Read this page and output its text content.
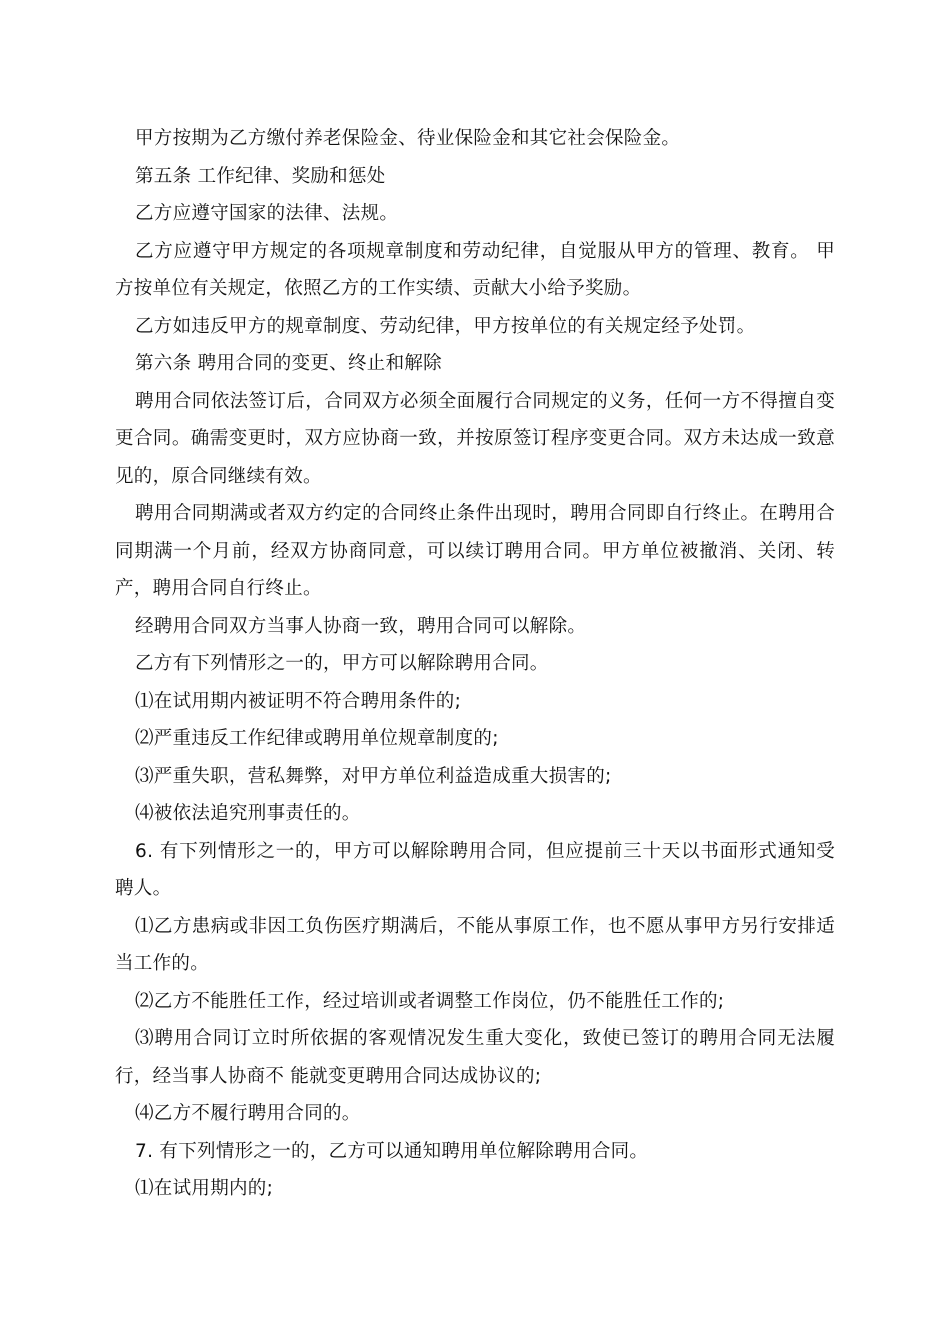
甲方按期为乙方缴付养老保险金、待业保险金和其它社会保险金。

第五条 工作纪律、奖励和惩处

乙方应遵守国家的法律、法规。

乙方应遵守甲方规定的各项规章制度和劳动纪律，自觉服从甲方的管理、教育。 甲方按单位有关规定，依照乙方的工作实绩、贡献大小给予奖励。

乙方如违反甲方的规章制度、劳动纪律，甲方按单位的有关规定经予处罚。

第六条 聘用合同的变更、终止和解除

聘用合同依法签订后，合同双方必须全面履行合同规定的义务，任何一方不得擅自变更合同。确需变更时，双方应协商一致，并按原签订程序变更合同。双方未达成一致意见的，原合同继续有效。

聘用合同期满或者双方约定的合同终止条件出现时，聘用合同即自行终止。在聘用合同期满一个月前，经双方协商同意，可以续订聘用合同。甲方单位被撤消、关闭、转产，聘用合同自行终止。

经聘用合同双方当事人协商一致，聘用合同可以解除。

乙方有下列情形之一的，甲方可以解除聘用合同。

⑴在试用期内被证明不符合聘用条件的;

⑵严重违反工作纪律或聘用单位规章制度的;

⑶严重失职，营私舞弊，对甲方单位利益造成重大损害的;

⑷被依法追究刑事责任的。

6. 有下列情形之一的，甲方可以解除聘用合同，但应提前三十天以书面形式通知受聘人。

⑴乙方患病或非因工负伤医疗期满后，不能从事原工作，也不愿从事甲方另行安排适当工作的。

⑵乙方不能胜任工作，经过培训或者调整工作岗位，仍不能胜任工作的;

⑶聘用合同订立时所依据的客观情况发生重大变化，致使已签订的聘用合同无法履行，经当事人协商不 能就变更聘用合同达成协议的;

⑷乙方不履行聘用合同的。

7. 有下列情形之一的，乙方可以通知聘用单位解除聘用合同。

⑴在试用期内的;
